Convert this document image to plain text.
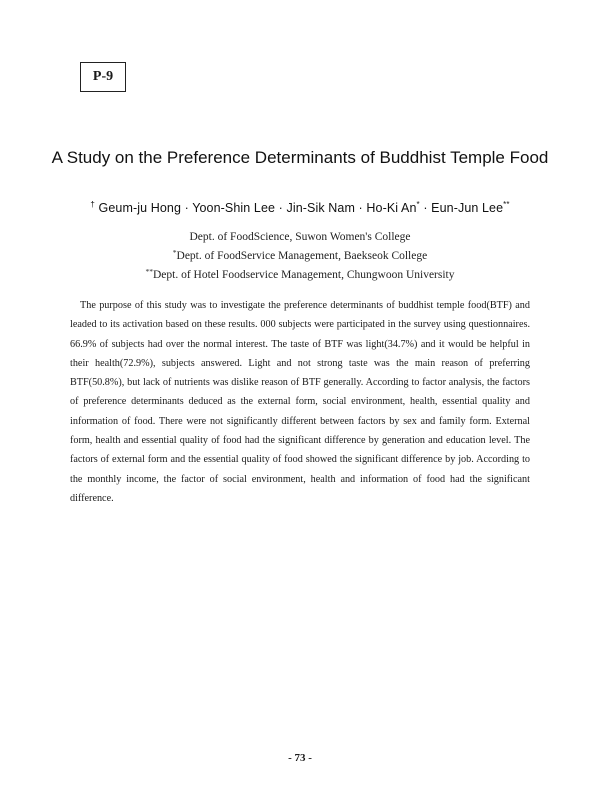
P-9
A Study on the Preference Determinants of Buddhist Temple Food
† Geum-ju Hong · Yoon-Shin Lee · Jin-Sik Nam · Ho-Ki An* · Eun-Jun Lee**
Dept. of FoodScience, Suwon Women's College
*Dept. of FoodService Management, Baekseok College
**Dept. of Hotel Foodservice Management, Chungwoon University

The purpose of this study was to investigate the preference determinants of buddhist temple food(BTF) and leaded to its activation based on these results. 000 subjects were participated in the survey using questionnaires. 66.9% of subjects had over the normal interest. The taste of BTF was light(34.7%) and it would be helpful in their health(72.9%), subjects answered. Light and not strong taste was the main reason of preferring BTF(50.8%), but lack of nutrients was dislike reason of BTF generally. According to factor analysis, the factors of preference determinants deduced as the external form, social environment, health, essential quality and information of food. There were not significantly different between factors by sex and family form. External form, health and essential quality of food had the significant difference by generation and education level. The factors of external form and the essential quality of food showed the significant difference by job. According to the monthly income, the factor of social environment, health and information of food had the significant difference.

- 73 -
